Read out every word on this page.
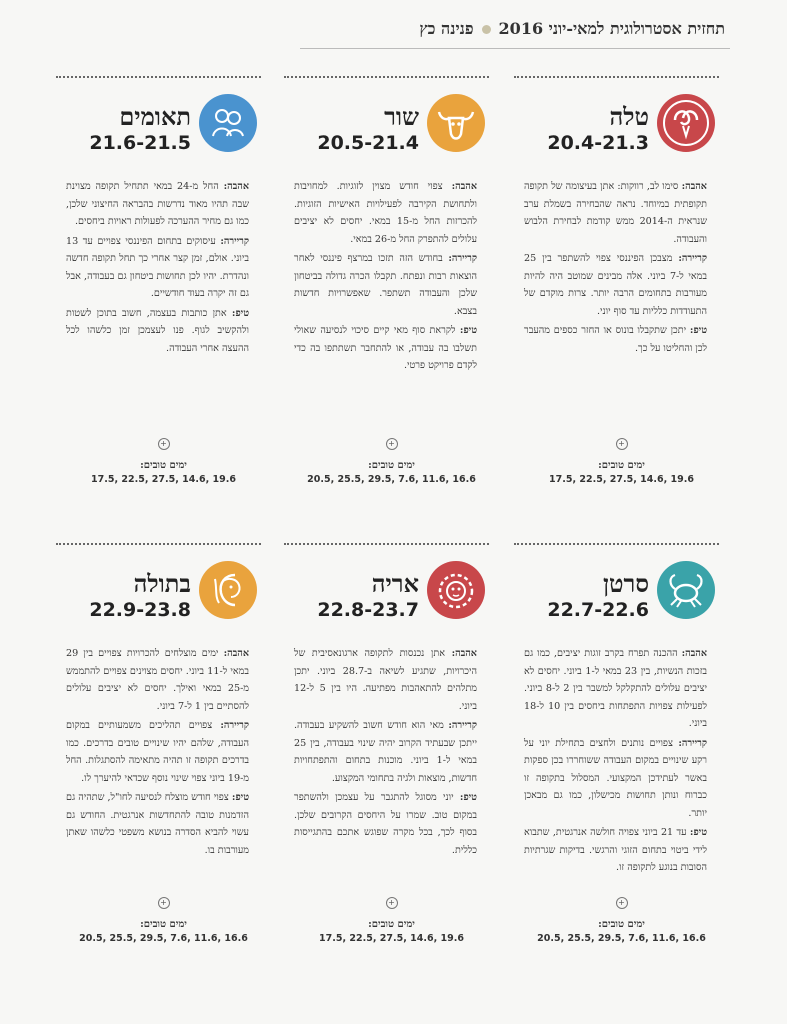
תחזית אסטרולוגית למאי-יוני 2016
פנינה כץ
טלה
20.4-21.3

אהבה: סימו לב, רווקות: אתן בעיצומה של תקופה תקופתית במיוחד. נראה שהבחירה בשמלת ערב שנראית ה-2014 ממש קודמת לבחירת הלבוש והעבודה.

קריירה: מצבכן הפיננסי צפוי להשתפר בין 25 במאי ל-7 ביוני. אלה מבינים שמוטב היה להיות מעורבות בתחומים הרבה יותר. צרות מוקדם של התעודדות כלליות עד סוף יוני.

טיפ: יתכן שתקבלו בונוס או החזר כספים מהעבר לכן והחליטו על כך.

+
ימים טובים:
19.6 ,14.6 ,27.5 ,22.5 ,17.5
שור
20.5-21.4

אהבה: צפוי חודש מצוין לזוגיות. למחויבות ולתחושת הקירבה לפעילויות האישיות הזוגיות. להכרזות החל מ-15 במאי. יחסים לא יציבים עלולים להתפרק החל מ-26 במאי.

קריירה: בחודש הזה תזכו במרצף פיננסי לאחר הוצאות רבות ונפתח. תקבלו הכרה גדולה בביטחון שלכן והעבודה תשתפר. שאפשרויות חדשות בצבא.

טיפ: לקראת סוף מאי קיים סיכוי לנסיעה שאולי תשלבו בה עבודה, או להתחבר תשתתפו בה כדי לקדם פרויקט פרטי.

+
ימים טובים:
16.6 ,11.6 ,7.6 ,29.5 ,25.5 ,20.5
תאומים
21.6-21.5

אהבה: החל מ-24 במאי תתחיל תקופה מצוינת שבה תהיו מאוד נדרשות בהבראה החיצוני שלכן, כמו גם מחיר ההערכה לפעולות ראויות ביחסים.

קריירה: עיסוקים בתחום הפיננסי צפויים עד 13 ביוני. אולם, זמן קצר אחרי כך תחל תקופה חדשה ונהדרת. יהיו לכן תחושות ביטחון גם בעבודה, אבל גם זה יקרה בעוד חודשיים.

טיפ: אתן כותבות בעצמה, חשוב בתוכן לשטות ולהקשיב לגוף. פנו לעצמכן זמן כלשהו לכל ההעצה אחרי העבודה.

+
ימים טובים:
19.6 ,14.6 ,27.5 ,22.5 ,17.5
סרטן
22.7-22.6

אהבה: ההכנה תפרח בקרב זוגות יציבים, כמו גם בזכות הנשיות, בין 23 במאי ל-1 ביוני. יחסים לא יציבים עלולים להתקלקל למשבר בין 2 ל-8 ביוני. לפעילות צפויות התפתחות ביחסים בין 10 ל-18 ביוני.

קריירה: צפויים נותנים ולחצים בתחילת יוני על רקע שינויים במקום העבודה ששוחררו בכן ספקות באשר לעתידכן המקצועי. המסלול בתקופה זו כברוח ונותן תחושות מכישלון, כמו גם מבאכן יותר.

טיפ: עד 21 ביוני צפויה חולשה אנרגטית, שתבוא לידי ביטוי בתחום הזוגי והרגשי. בדיקות שגרתיות הסובות בנוגע לתקופה זו.

+
ימים טובים:
16.6 ,11.6 ,7.6 ,29.5 ,25.5 ,20.5
אריה
22.8-23.7

אהבה: אתן נכנסות לתקופה ארגונאסיבית של היכרויות, שתגיע לשיאה ב-28.7 ביוני. יתכן מתלהים להתאהבות מפתיעה. היו בין 5 ל-12 ביוני.

קריירה: מאי הוא חודש חשוב להשקיע בעבודה. ייתכן שבעתיד הקרוב יהיה שינוי בעבודה, בין 25 במאי ל-1 ביוני. מוכנות בתחום והתפתחויות חדשות, מוצאות ולגיה בתחומי המקצוע.

טיפ: יוני מסוגל להתגבר על עצמכן ולהשתפר במקום טוב. שמרו על היחסים הקרובים שלכן. בסוף לכך, בכל מקרה שפוגש אתכם בהתגייסות כללית.

+
ימים טובים:
19.6 ,14.6 ,27.5 ,22.5 ,17.5
בתולה
22.9-23.8

אהבה: ימים מוצלחים להכרויות צפויים בין 29 במאי ל-11 ביוני. יחסים מצוינים צפויים להתממש מ-25 במאי ואילך. יחסים לא יציבים עלולים להסתיים בין 1 ל-7 ביוני.

קריירה: צפויים תהליכים משמעותיים במקום העבודה, שלהם יהיו שינויים טובים בדרכים. כמו בדרכים תקופה זו תהיה מתאימה להסתגלות. החל מ-19 ביוני צפוי שינוי נוסף שכדאי להיערך לו.

טיפ: צפוי חודש מוצלח לנסיעה לחו"ל, שתהיה גם הזדמנות טובה להתחדשות אנרגטית. החודש גם עשוי להביא הסדרה בנושא משפטי כלשהו שאתן מעורבות בו.

+
ימים טובים:
16.6 ,11.6 ,7.6 ,29.5 ,25.5 ,20.5
